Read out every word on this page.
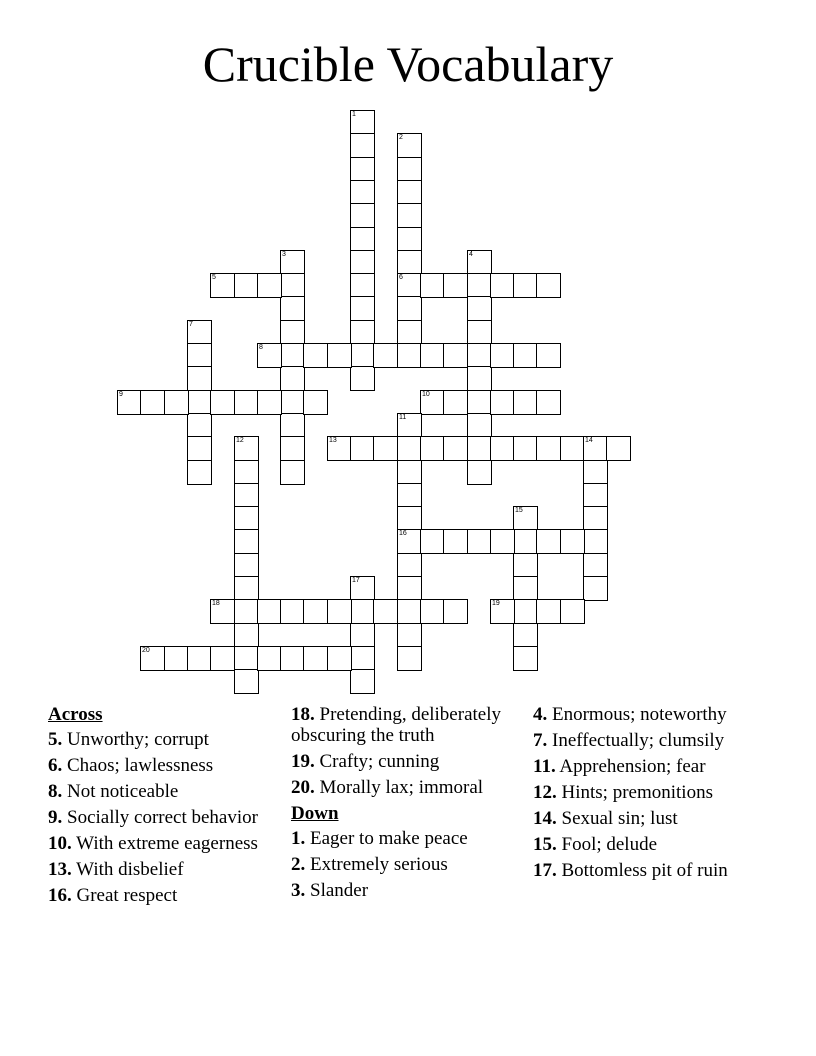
Crucible Vocabulary
1
2
6
3	4
5
7
8
9	10
11
16
12	13	14
15
17
18	19
20
Across
5. Unworthy; corrupt
6. Chaos; lawlessness
8. Not noticeable
9. Socially correct behavior
10. With extreme eagerness
13. With disbelief
16. Great respect
18. Pretending, deliberately obscuring the truth
19. Crafty; cunning
20. Morally lax; immoral
Down
1. Eager to make peace
2. Extremely serious
3. Slander
4. Enormous; noteworthy
7. Ineffectually; clumsily
11. Apprehension; fear
12. Hints; premonitions
14. Sexual sin; lust
15. Fool; delude
17. Bottomless pit of ruin
